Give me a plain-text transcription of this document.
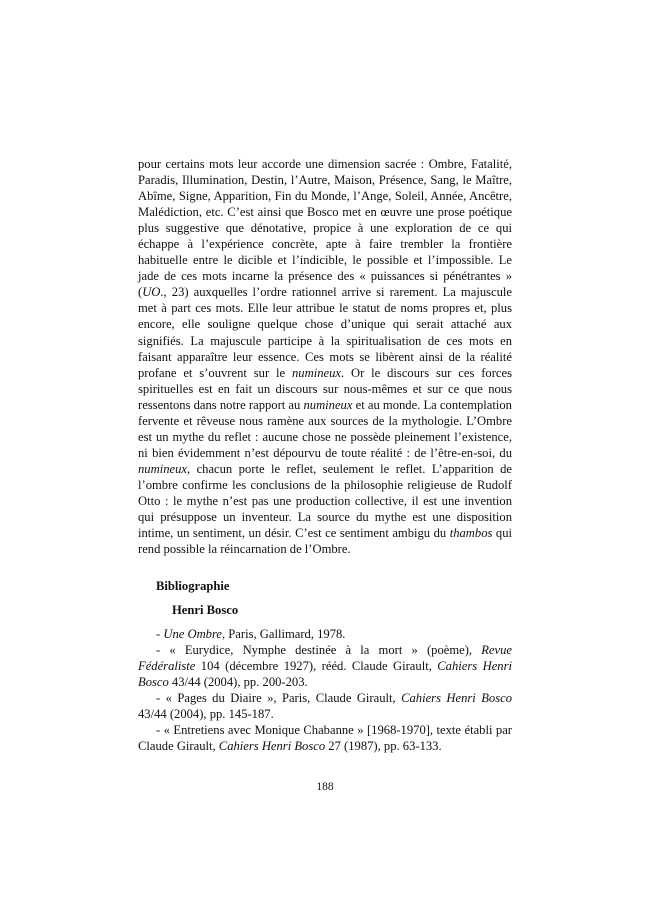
pour certains mots leur accorde une dimension sacrée : Ombre, Fatalité, Paradis, Illumination, Destin, l’Autre, Maison, Présence, Sang, le Maître, Abîme, Signe, Apparition, Fin du Monde, l’Ange, Soleil, Année, Ancêtre, Malédiction, etc. C’est ainsi que Bosco met en œuvre une prose poétique plus suggestive que dénotative, propice à une exploration de ce qui échappe à l’expérience concrète, apte à faire trembler la frontière habituelle entre le dicible et l’indicible, le possible et l’impossible. Le jade de ces mots incarne la présence des « puissances si pénétrantes » (UO., 23) auxquelles l’ordre rationnel arrive si rarement. La majuscule met à part ces mots. Elle leur attribue le statut de noms propres et, plus encore, elle souligne quelque chose d’unique qui serait attaché aux signifiés. La majuscule participe à la spiritualisation de ces mots en faisant apparaître leur essence. Ces mots se libèrent ainsi de la réalité profane et s’ouvrent sur le numineux. Or le discours sur ces forces spirituelles est en fait un discours sur nous-mêmes et sur ce que nous ressentons dans notre rapport au numineux et au monde. La contemplation fervente et rêveuse nous ramène aux sources de la mythologie. L’Ombre est un mythe du reflet : aucune chose ne possède pleinement l’existence, ni bien évidemment n’est dépourvu de toute réalité : de l’être-en-soi, du numineux, chacun porte le reflet, seulement le reflet. L’apparition de l’ombre confirme les conclusions de la philosophie religieuse de Rudolf Otto : le mythe n’est pas une production collective, il est une invention qui présuppose un inventeur. La source du mythe est une disposition intime, un sentiment, un désir. C’est ce sentiment ambigu du thambos qui rend possible la réincarnation de l’Ombre.

Bibliographie

Henri Bosco

- Une Ombre, Paris, Gallimard, 1978.

- « Eurydice, Nymphe destinée à la mort » (poème), Revue Fédéraliste 104 (décembre 1927), rééd. Claude Girault, Cahiers Henri Bosco 43/44 (2004), pp. 200-203.

- « Pages du Diaire », Paris, Claude Girault, Cahiers Henri Bosco 43/44 (2004), pp. 145-187.

- « Entretiens avec Monique Chabanne » [1968-1970], texte établi par Claude Girault, Cahiers Henri Bosco 27 (1987), pp. 63-133.

188
